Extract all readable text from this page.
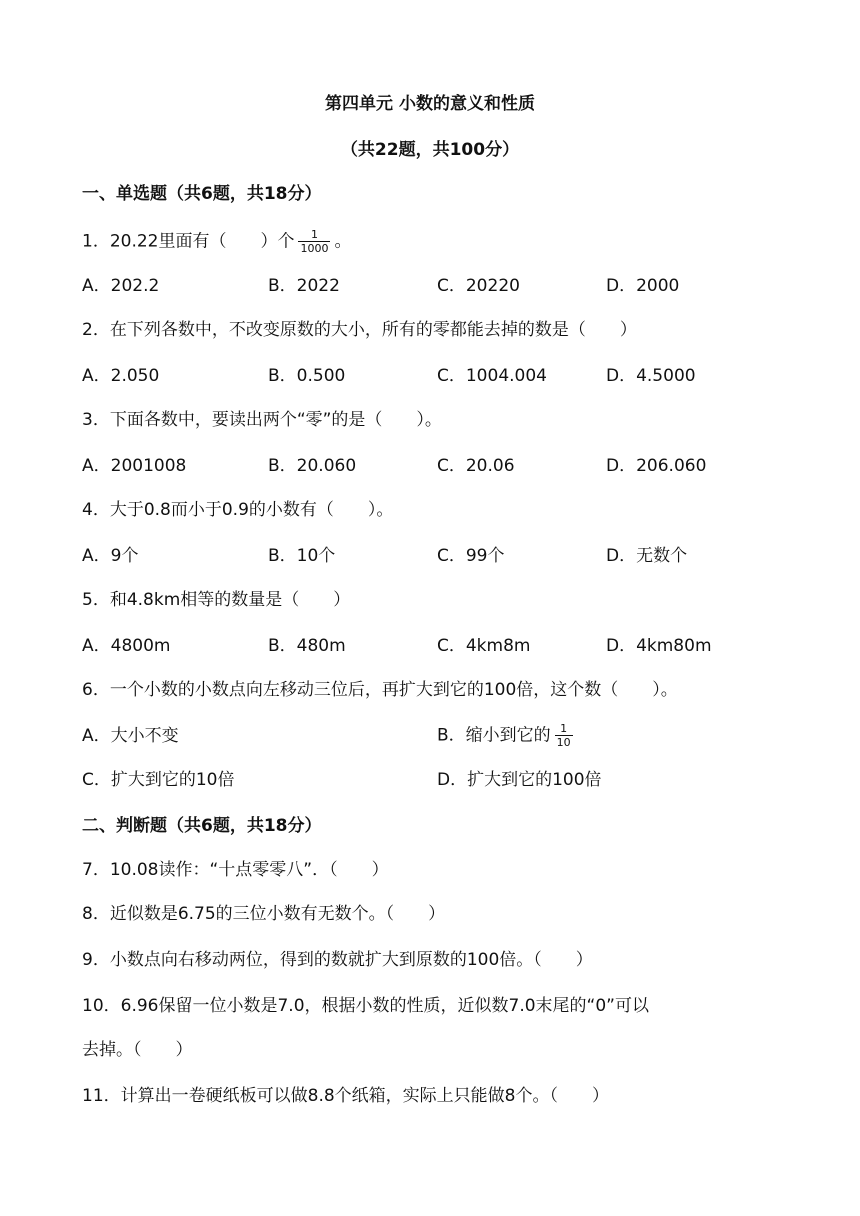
第四单元 小数的意义和性质
（共22题，共100分）
一、单选题（共6题，共18分）
1．20.22里面有（　　）个 $\frac{1}{1000}$ 。
A．202.2	B．2022	C．20220	D．2000
2．在下列各数中，不改变原数的大小，所有的零都能去掉的数是（　　）
A．2.050	B．0.500	C．1004.004	D．4.5000
3．下面各数中，要读出两个“零”的是（　　）。
A．2001008	B．20.060	C．20.06	D．206.060
4．大于0.8而小于0.9的小数有（　　）。
A．9个	B．10个	C．99个	D．无数个
5．和4.8km相等的数量是（　　）
A．4800m	B．480m	C．4km8m	D．4km80m
6．一个小数的小数点向左移动三位后，再扩大到它的100倍，这个数（　　）。
A．大小不变	B．缩小到它的 $\frac{1}{10}$
C．扩大到它的10倍	D．扩大到它的100倍
二、判断题（共6题，共18分）
7．10.08读作：“十点零零八”．（　　）
8．近似数是6.75的三位小数有无数个。（　　）
9．小数点向右移动两位，得到的数就扩大到原数的100倍。（　　）
10．6.96保留一位小数是7.0，根据小数的性质，近似数7.0末尾的“0”可以
去掉。（　　）
11．计算出一卷硬纸板可以做8.8个纸箱，实际上只能做8个。（　　）
